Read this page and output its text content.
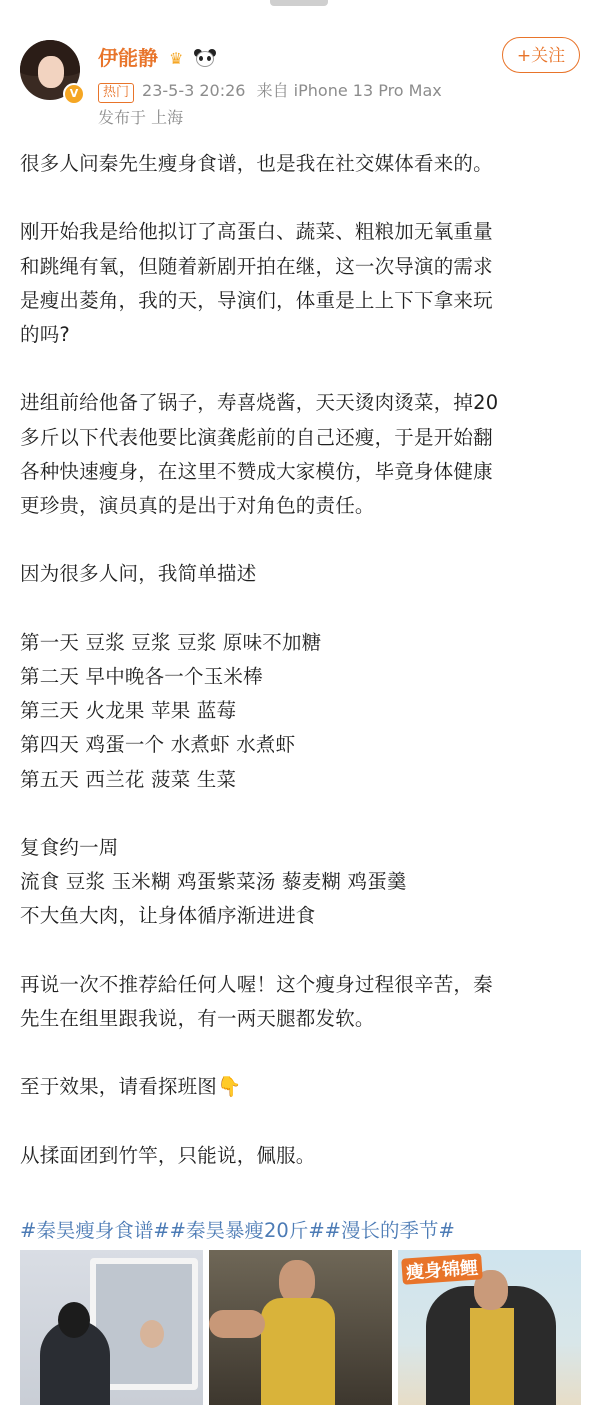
V
伊能静 ♛
热门 23-5-3 20:26 来自 iPhone 13 Pro Max
发布于 上海
+关注

很多人问秦先生瘦身食谱，也是我在社交媒体看来的。

刚开始我是给他拟订了高蛋白、蔬菜、粗粮加无氧重量

和跳绳有氧，但随着新剧开拍在继，这一次导演的需求

是瘦出菱角，我的天，导演们，体重是上上下下拿来玩

的吗?

进组前给他备了锅子，寿喜烧酱，天天烫肉烫菜，掉20

多斤以下代表他要比演龚彪前的自己还瘦，于是开始翻

各种快速瘦身，在这里不赞成大家模仿，毕竟身体健康

更珍贵，演员真的是出于对角色的责任。

因为很多人问，我简单描述

第一天 豆浆 豆浆 豆浆 原味不加糖

第二天 早中晚各一个玉米棒

第三天 火龙果 苹果 蓝莓

第四天 鸡蛋一个 水煮虾 水煮虾

第五天 西兰花 菠菜 生菜

复食约一周

流食 豆浆 玉米糊 鸡蛋紫菜汤 藜麦糊 鸡蛋羹

不大鱼大肉，让身体循序渐进进食

再说一次不推荐給任何人喔！这个瘦身过程很辛苦，秦

先生在组里跟我说，有一两天腿都发软。

至于效果，请看探班图👇

从揉面团到竹竿，只能说，佩服。

#秦昊瘦身食谱##秦昊暴瘦20斤##漫长的季节#
瘦身锦鲤
